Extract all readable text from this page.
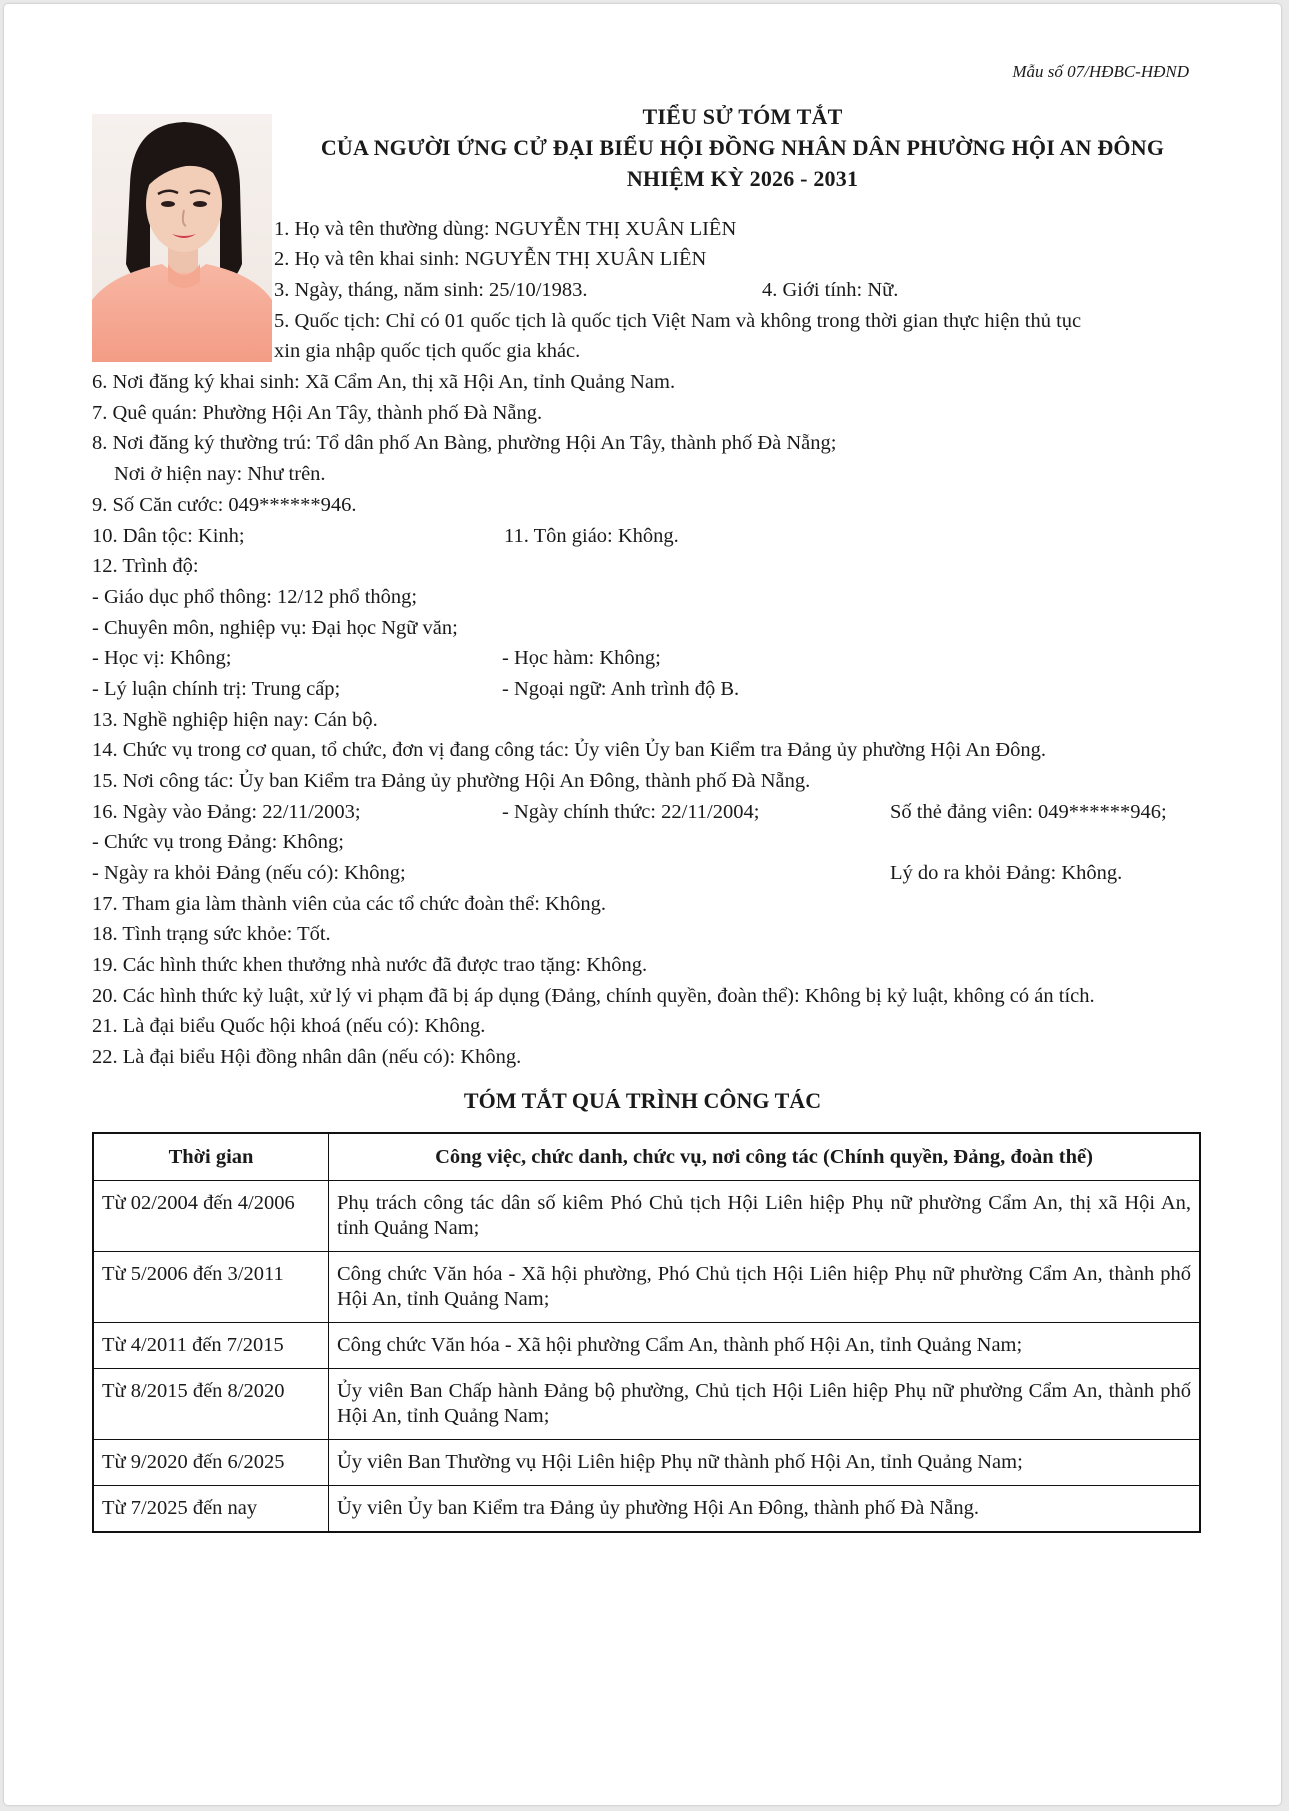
Mẫu số 07/HĐBC-HĐND
TIỂU SỬ TÓM TẮT
CỦA NGƯỜI ỨNG CỬ ĐẠI BIỂU HỘI ĐỒNG NHÂN DÂN PHƯỜNG HỘI AN ĐÔNG
NHIỆM KỲ 2026 - 2031
1. Họ và tên thường dùng: NGUYỄN THỊ XUÂN LIÊN
2. Họ và tên khai sinh: NGUYỄN THỊ XUÂN LIÊN
3. Ngày, tháng, năm sinh: 25/10/1983.	4. Giới tính: Nữ.
5. Quốc tịch: Chỉ có 01 quốc tịch là quốc tịch Việt Nam và không trong thời gian thực hiện thủ tục
xin gia nhập quốc tịch quốc gia khác.
6. Nơi đăng ký khai sinh: Xã Cẩm An, thị xã Hội An, tỉnh Quảng Nam.
7. Quê quán: Phường Hội An Tây, thành phố Đà Nẵng.
8. Nơi đăng ký thường trú: Tổ dân phố An Bàng, phường Hội An Tây, thành phố Đà Nẵng;
Nơi ở hiện nay: Như trên.
9. Số Căn cước: 049******946.
10. Dân tộc: Kinh;	11. Tôn giáo: Không.
12. Trình độ:
- Giáo dục phổ thông: 12/12 phổ thông;
- Chuyên môn, nghiệp vụ: Đại học Ngữ văn;
- Học vị: Không;	- Học hàm: Không;
- Lý luận chính trị: Trung cấp;	- Ngoại ngữ: Anh trình độ B.
13. Nghề nghiệp hiện nay: Cán bộ.
14. Chức vụ trong cơ quan, tổ chức, đơn vị đang công tác: Ủy viên Ủy ban Kiểm tra Đảng ủy phường Hội An Đông.
15. Nơi công tác: Ủy ban Kiểm tra Đảng ủy phường Hội An Đông, thành phố Đà Nẵng.
16. Ngày vào Đảng: 22/11/2003;	- Ngày chính thức: 22/11/2004;	Số thẻ đảng viên: 049******946;
- Chức vụ trong Đảng: Không;
- Ngày ra khỏi Đảng (nếu có): Không;	Lý do ra khỏi Đảng: Không.
17. Tham gia làm thành viên của các tổ chức đoàn thể: Không.
18. Tình trạng sức khỏe: Tốt.
19. Các hình thức khen thưởng nhà nước đã được trao tặng: Không.
20. Các hình thức kỷ luật, xử lý vi phạm đã bị áp dụng (Đảng, chính quyền, đoàn thể): Không bị kỷ luật, không có án tích.
21. Là đại biểu Quốc hội khoá (nếu có): Không.
22. Là đại biểu Hội đồng nhân dân (nếu có): Không.
TÓM TẮT QUÁ TRÌNH CÔNG TÁC
Thời gian	Công việc, chức danh, chức vụ, nơi công tác (Chính quyền, Đảng, đoàn thể)
Từ 02/2004 đến 4/2006	Phụ trách công tác dân số kiêm Phó Chủ tịch Hội Liên hiệp Phụ nữ phường Cẩm An, thị xã Hội An, tỉnh Quảng Nam;
Từ 5/2006 đến 3/2011	Công chức Văn hóa - Xã hội phường, Phó Chủ tịch Hội Liên hiệp Phụ nữ phường Cẩm An, thành phố Hội An, tỉnh Quảng Nam;
Từ 4/2011 đến 7/2015	Công chức Văn hóa - Xã hội phường Cẩm An, thành phố Hội An, tỉnh Quảng Nam;
Từ 8/2015 đến 8/2020	Ủy viên Ban Chấp hành Đảng bộ phường, Chủ tịch Hội Liên hiệp Phụ nữ phường Cẩm An, thành phố Hội An, tỉnh Quảng Nam;
Từ 9/2020 đến 6/2025	Ủy viên Ban Thường vụ Hội Liên hiệp Phụ nữ thành phố Hội An, tỉnh Quảng Nam;
Từ 7/2025 đến nay	Ủy viên Ủy ban Kiểm tra Đảng ủy phường Hội An Đông, thành phố Đà Nẵng.
